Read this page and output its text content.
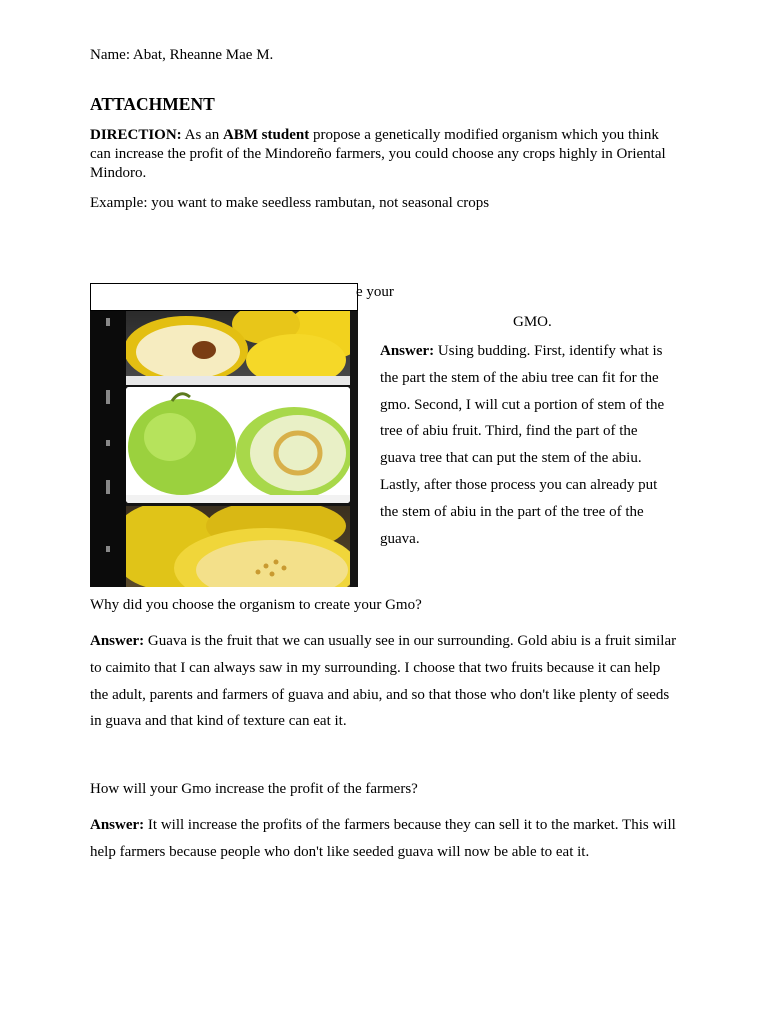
Name: Abat, Rheanne Mae M.

ATTACHMENT

DIRECTION: As an ABM student propose a genetically modified organism which you think can increase the profit of the Mindoreño farmers, you could choose any crops highly in Oriental Mindoro.

Example: you want to make seedless rambutan, not seasonal crops

e your
GMO.

Answer: Using budding. First, identify what is the part the stem of the abiu tree can fit for the gmo. Second, I will cut a portion of stem of the tree of abiu fruit. Third, find the part of the guava tree that can put the stem of the abiu. Lastly, after those process you can already put the stem of abiu in the part of the tree of the guava.

Why did you choose the organism to create your Gmo?

Answer: Guava is the fruit that we can usually see in our surrounding. Gold abiu is a fruit similar to caimito that I can always saw in my surrounding. I choose that two fruits because it can help the adult, parents and farmers of guava and abiu, and so that those who don't like plenty of seeds in guava and that kind of texture can eat it.

How will your Gmo increase the profit of the farmers?

Answer: It will increase the profits of the farmers because they can sell it to the market. This will help farmers because people who don't like seeded guava will now be able to eat it.
